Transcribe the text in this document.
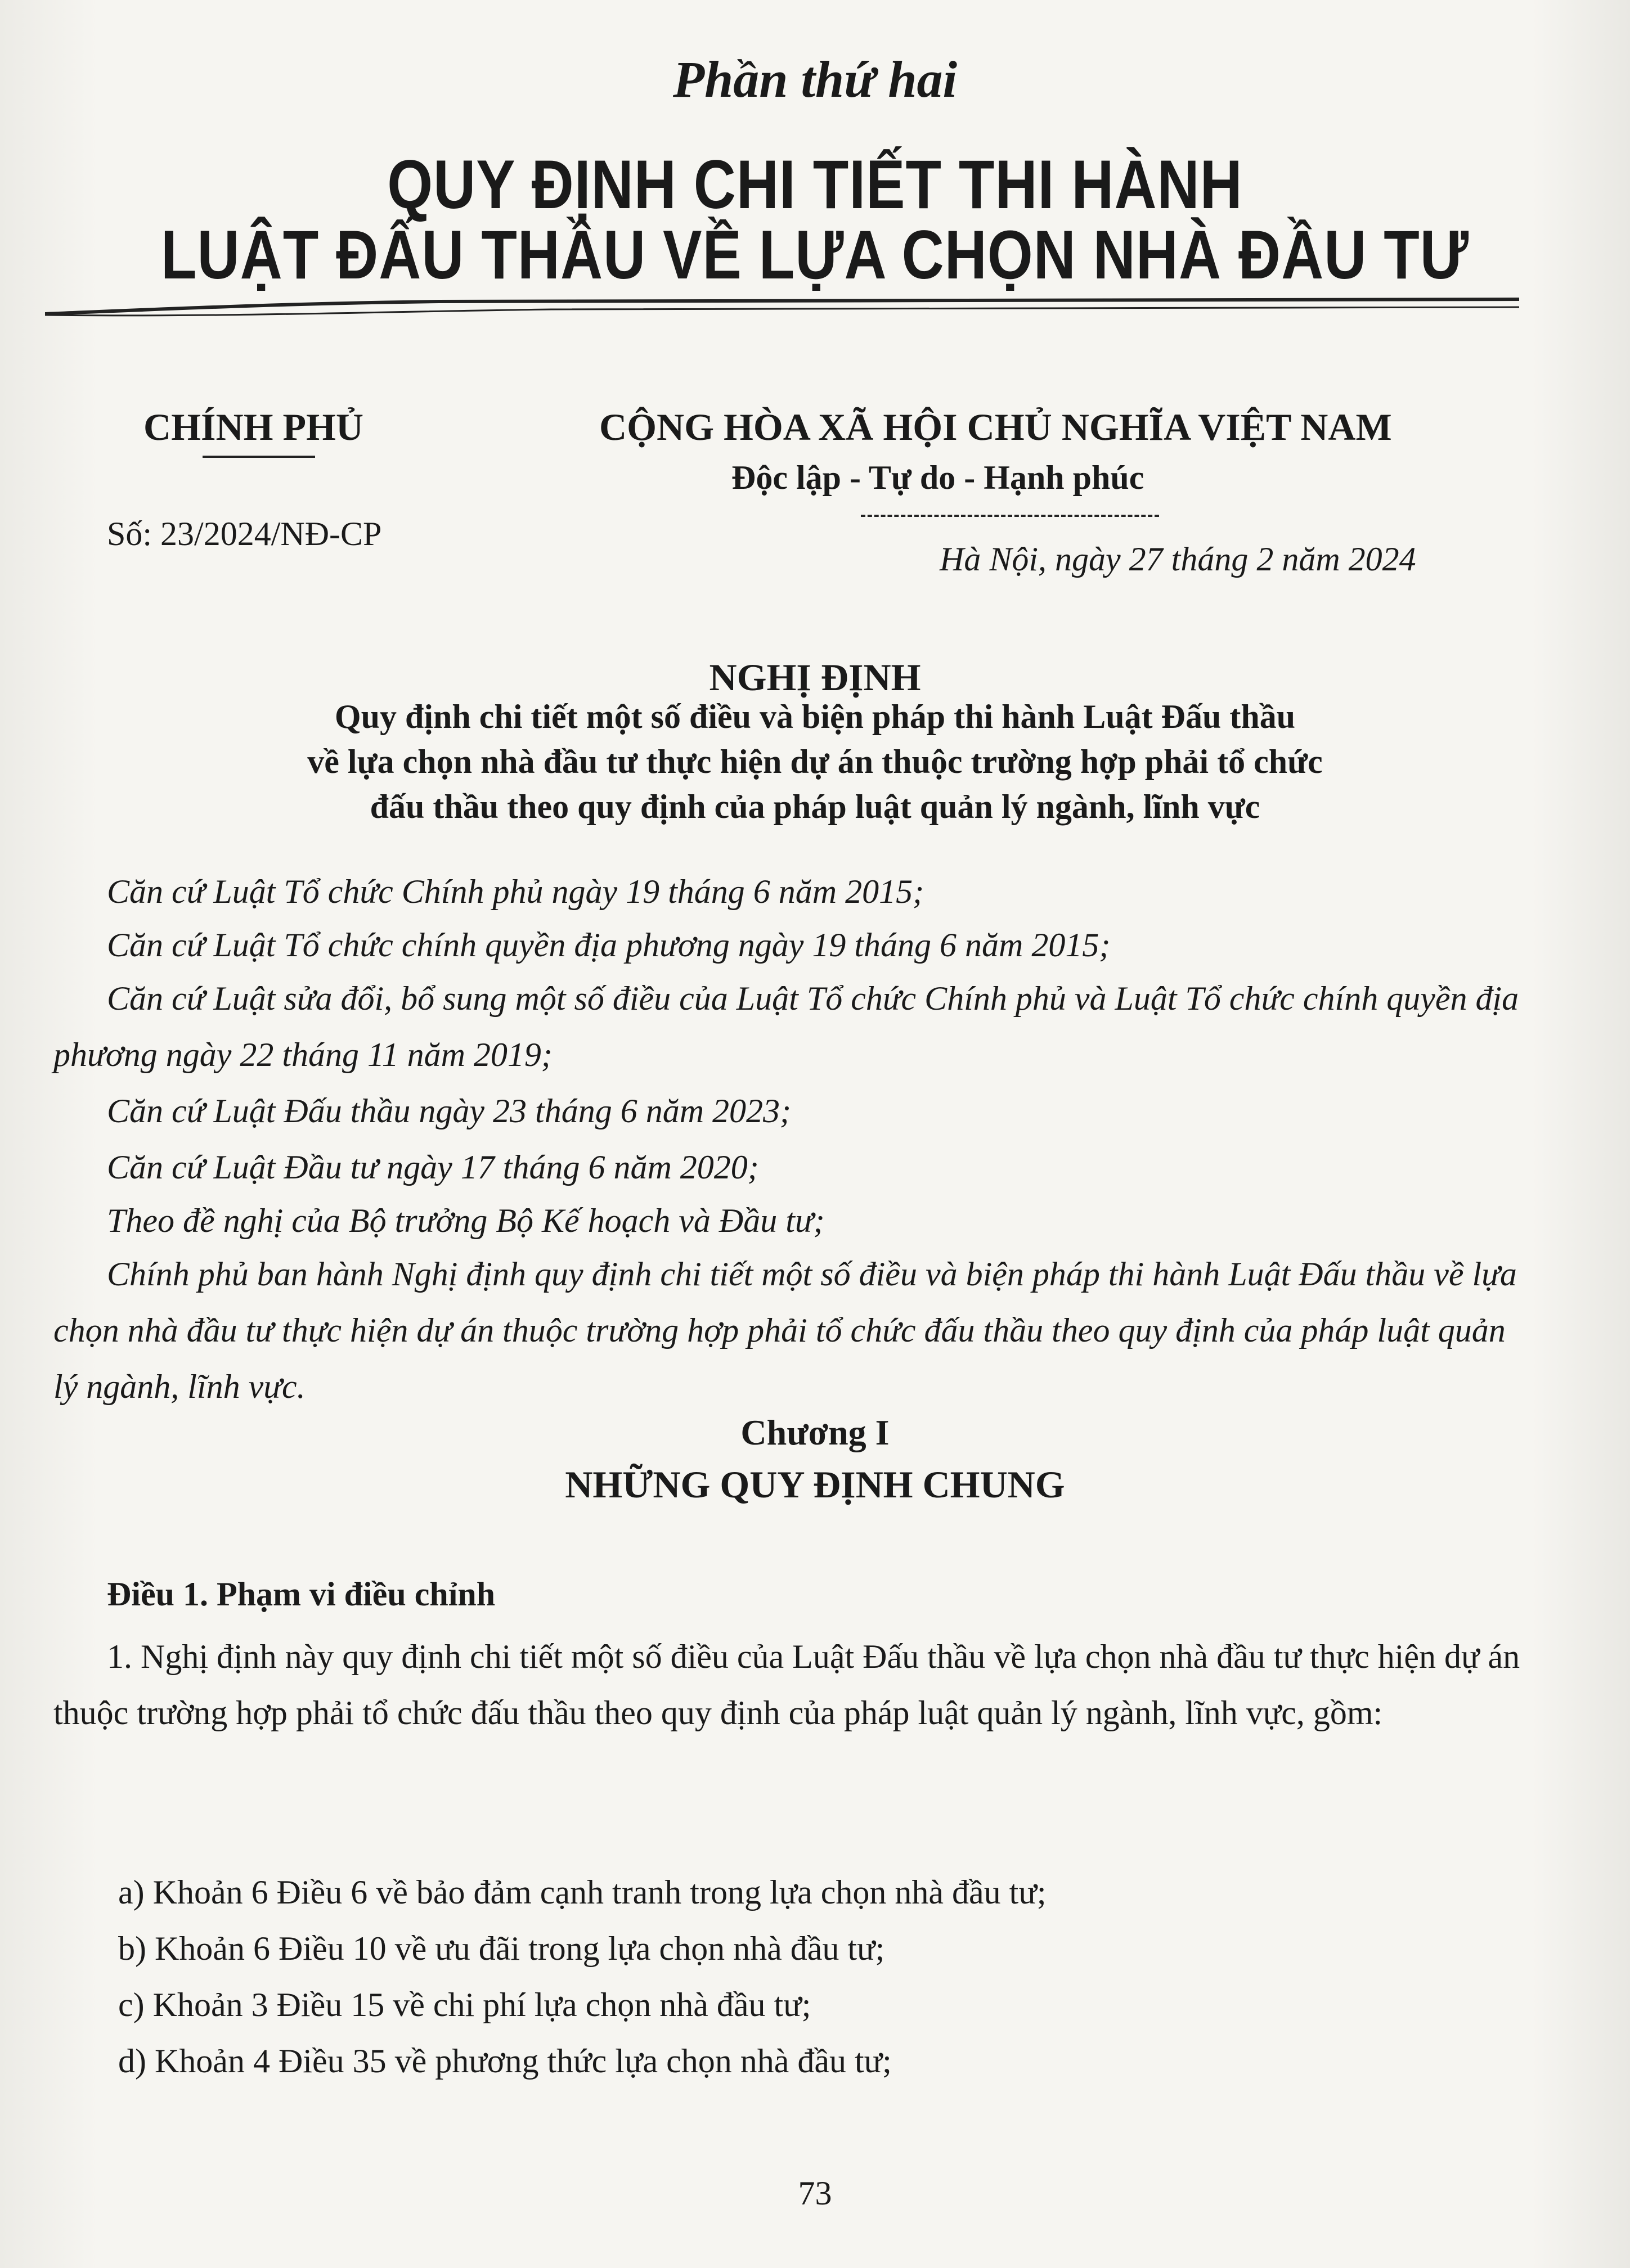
Phần thứ hai
QUY ĐỊNH CHI TIẾT THI HÀNH
LUẬT ĐẤU THẦU VỀ LỰA CHỌN NHÀ ĐẦU TƯ
CHÍNH PHỦ
Số: 23/2024/NĐ-CP
CỘNG HÒA XÃ HỘI CHỦ NGHĨA VIỆT NAM
Độc lập - Tự do - Hạnh phúc
Hà Nội, ngày 27 tháng 2 năm 2024
NGHỊ ĐỊNH
Quy định chi tiết một số điều và biện pháp thi hành Luật Đấu thầu
về lựa chọn nhà đầu tư thực hiện dự án thuộc trường hợp phải tổ chức
đấu thầu theo quy định của pháp luật quản lý ngành, lĩnh vực
Căn cứ Luật Tổ chức Chính phủ ngày 19 tháng 6 năm 2015;
Căn cứ Luật Tổ chức chính quyền địa phương ngày 19 tháng 6 năm 2015;
Căn cứ Luật sửa đổi, bổ sung một số điều của Luật Tổ chức Chính phủ và Luật Tổ chức chính quyền địa phương ngày 22 tháng 11 năm 2019;
Căn cứ Luật Đấu thầu ngày 23 tháng 6 năm 2023;
Căn cứ Luật Đầu tư ngày 17 tháng 6 năm 2020;
Theo đề nghị của Bộ trưởng Bộ Kế hoạch và Đầu tư;
Chính phủ ban hành Nghị định quy định chi tiết một số điều và biện pháp thi hành Luật Đấu thầu về lựa chọn nhà đầu tư thực hiện dự án thuộc trường hợp phải tổ chức đấu thầu theo quy định của pháp luật quản lý ngành, lĩnh vực.
Chương I
NHỮNG QUY ĐỊNH CHUNG
Điều 1. Phạm vi điều chỉnh
1. Nghị định này quy định chi tiết một số điều của Luật Đấu thầu về lựa chọn nhà đầu tư thực hiện dự án thuộc trường hợp phải tổ chức đấu thầu theo quy định của pháp luật quản lý ngành, lĩnh vực, gồm:
a) Khoản 6 Điều 6 về bảo đảm cạnh tranh trong lựa chọn nhà đầu tư;
b) Khoản 6 Điều 10 về ưu đãi trong lựa chọn nhà đầu tư;
c) Khoản 3 Điều 15 về chi phí lựa chọn nhà đầu tư;
d) Khoản 4 Điều 35 về phương thức lựa chọn nhà đầu tư;
73
